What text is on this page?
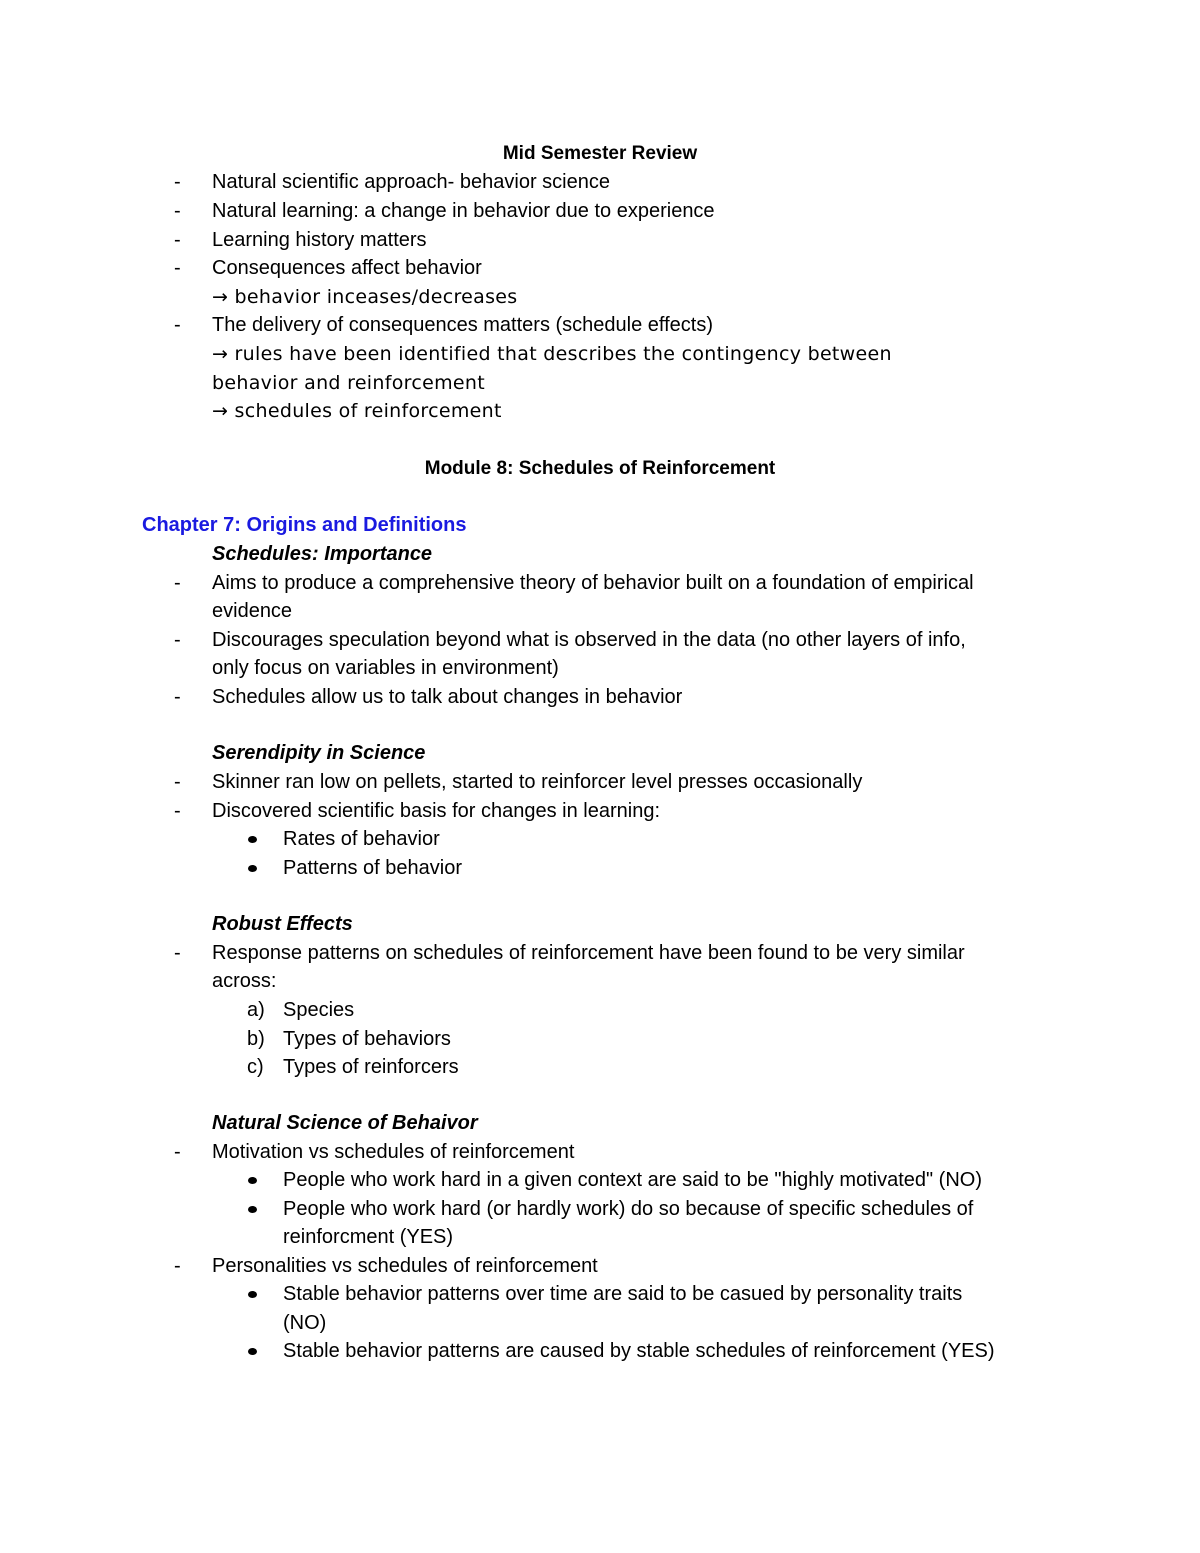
Mid Semester Review
- Natural scientific approach- behavior science
- Natural learning: a change in behavior due to experience
- Learning history matters
- Consequences affect behavior
→ behavior inceases/decreases
- The delivery of consequences matters (schedule effects)
→ rules have been identified that describes the contingency between
behavior and reinforcement
→ schedules of reinforcement
Module 8: Schedules of Reinforcement
Chapter 7: Origins and Definitions
Schedules: Importance
- Aims to produce a comprehensive theory of behavior built on a foundation of empirical
evidence
- Discourages speculation beyond what is observed in the data (no other layers of info,
only focus on variables in environment)
- Schedules allow us to talk about changes in behavior
Serendipity in Science
- Skinner ran low on pellets, started to reinforcer level presses occasionally
- Discovered scientific basis for changes in learning:
Rates of behavior
Patterns of behavior
Robust Effects
- Response patterns on schedules of reinforcement have been found to be very similar
across:
a) Species
b) Types of behaviors
c) Types of reinforcers
Natural Science of Behaivor
- Motivation vs schedules of reinforcement
People who work hard in a given context are said to be "highly motivated" (NO)
People who work hard (or hardly work) do so because of specific schedules of
reinforcment (YES)
- Personalities vs schedules of reinforcement
Stable behavior patterns over time are said to be casued by personality traits
(NO)
Stable behavior patterns are caused by stable schedules of reinforcement (YES)
